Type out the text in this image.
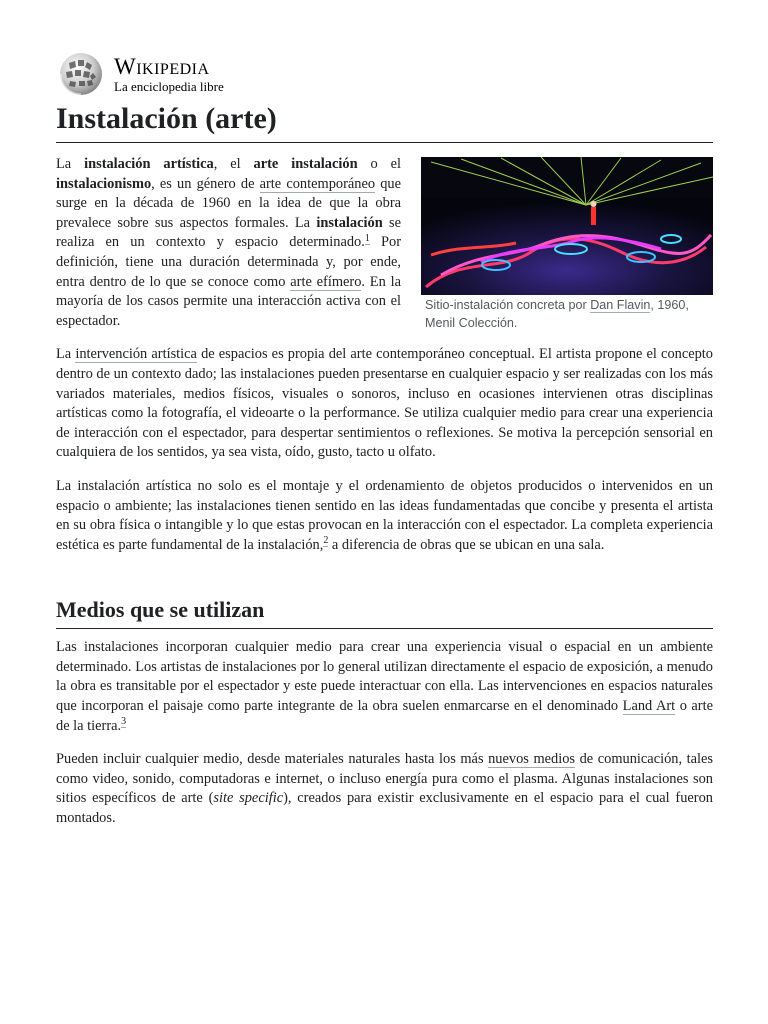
Wikipedia
La enciclopedia libre
Instalación (arte)
Sitio-instalación concreta por Dan Flavin, 1960, Menil Colección.

La instalación artística, el arte instalación o el instalacionismo, es un género de arte contemporáneo que surge en la década de 1960 en la idea de que la obra prevalece sobre sus aspectos formales. La instalación se realiza en un contexto y espacio determinado.$^1$ Por definición, tiene una duración determinada y, por ende, entra dentro de lo que se conoce como arte efímero. En la mayoría de los casos permite una interacción activa con el espectador.

La intervención artística de espacios es propia del arte contemporáneo conceptual. El artista propone el concepto dentro de un contexto dado; las instalaciones pueden presentarse en cualquier espacio y ser realizadas con los más variados materiales, medios físicos, visuales o sonoros, incluso en ocasiones intervienen otras disciplinas artísticas como la fotografía, el videoarte o la performance. Se utiliza cualquier medio para crear una experiencia de interacción con el espectador, para despertar sentimientos o reflexiones. Se motiva la percepción sensorial en cualquiera de los sentidos, ya sea vista, oído, gusto, tacto u olfato.

La instalación artística no solo es el montaje y el ordenamiento de objetos producidos o intervenidos en un espacio o ambiente; las instalaciones tienen sentido en las ideas fundamentadas que concibe y presenta el artista en su obra física o intangible y lo que estas provocan en la interacción con el espectador. La completa experiencia estética es parte fundamental de la instalación,$^2$ a diferencia de obras que se ubican en una sala.

Medios que se utilizan

Las instalaciones incorporan cualquier medio para crear una experiencia visual o espacial en un ambiente determinado. Los artistas de instalaciones por lo general utilizan directamente el espacio de exposición, a menudo la obra es transitable por el espectador y este puede interactuar con ella. Las intervenciones en espacios naturales que incorporan el paisaje como parte integrante de la obra suelen enmarcarse en el denominado Land Art o arte de la tierra.$^3$

Pueden incluir cualquier medio, desde materiales naturales hasta los más nuevos medios de comunicación, tales como video, sonido, computadoras e internet, o incluso energía pura como el plasma. Algunas instalaciones son sitios específicos de arte (site specific), creados para existir exclusivamente en el espacio para el cual fueron montados.
